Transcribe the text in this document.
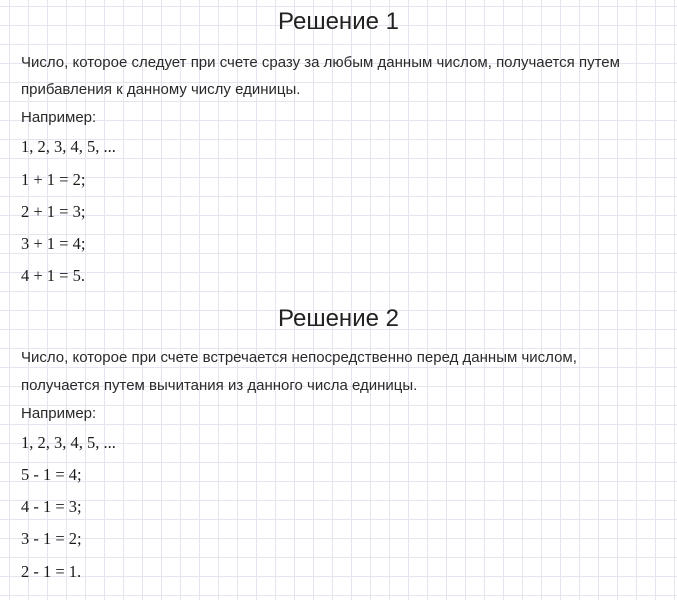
Решение 1
Число, которое следует при счете сразу за любым данным числом, получается путем
прибавления к данному числу единицы.
Например:
1, 2, 3, 4, 5, ...
1 + 1 = 2;
2 + 1 = 3;
3 + 1 = 4;
4 + 1 = 5.
Решение 2
Число, которое при счете встречается непосредственно перед данным числом,
получается путем вычитания из данного числа единицы.
Например:
1, 2, 3, 4, 5, ...
5 - 1 = 4;
4 - 1 = 3;
3 - 1 = 2;
2 - 1 = 1.
